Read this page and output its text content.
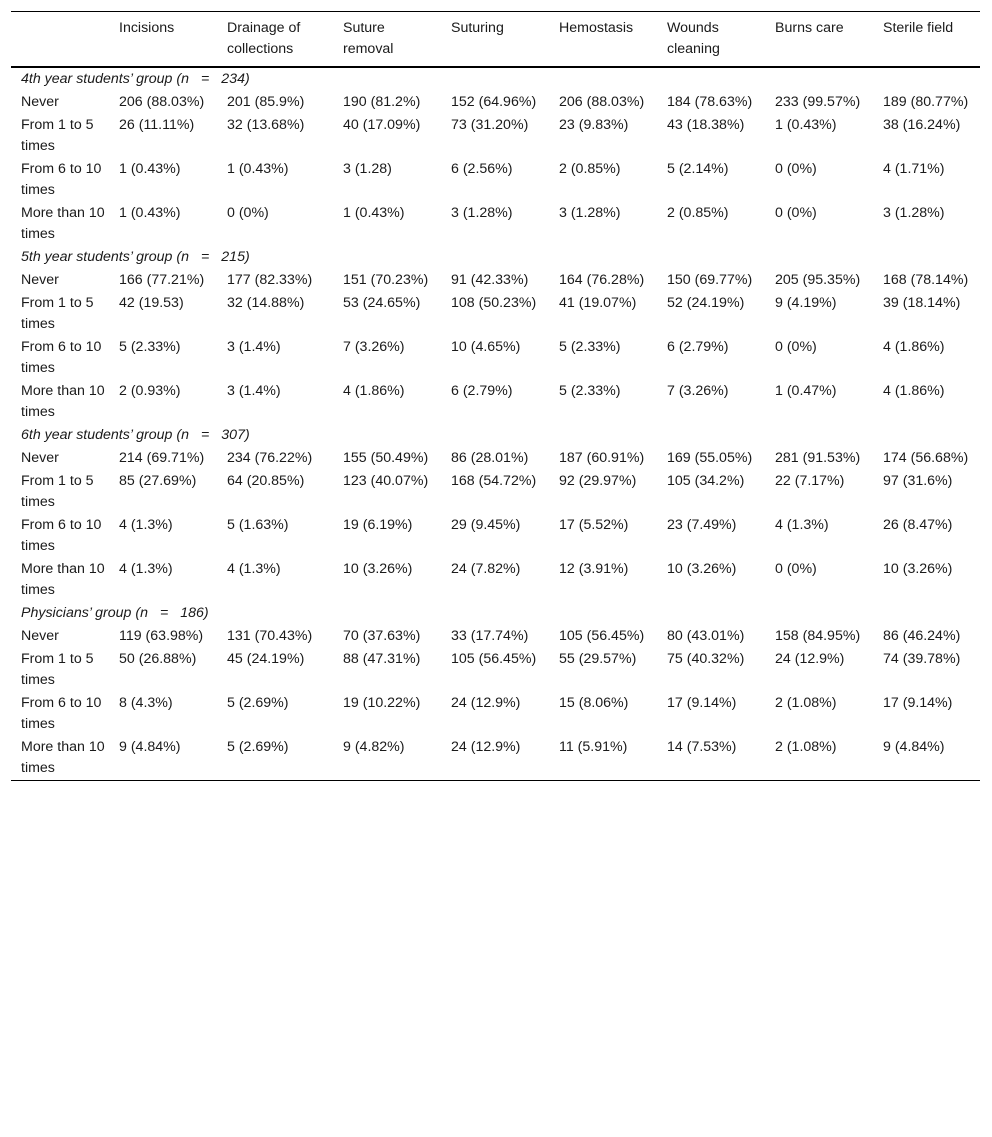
	Incisions	Drainage of collections	Suture removal	Suturing	Hemostasis	Wounds cleaning	Burns care	Sterile field
4th year students’ group (n = 234)								
Never	206 (88.03%)	201 (85.9%)	190 (81.2%)	152 (64.96%)	206 (88.03%)	184 (78.63%)	233 (99.57%)	189 (80.77%)
From 1 to 5 times	26 (11.11%)	32 (13.68%)	40 (17.09%)	73 (31.20%)	23 (9.83%)	43 (18.38%)	1 (0.43%)	38 (16.24%)
From 6 to 10 times	1 (0.43%)	1 (0.43%)	3 (1.28)	6 (2.56%)	2 (0.85%)	5 (2.14%)	0 (0%)	4 (1.71%)
More than 10 times	1 (0.43%)	0 (0%)	1 (0.43%)	3 (1.28%)	3 (1.28%)	2 (0.85%)	0 (0%)	3 (1.28%)
5th year students’ group (n = 215)								
Never	166 (77.21%)	177 (82.33%)	151 (70.23%)	91 (42.33%)	164 (76.28%)	150 (69.77%)	205 (95.35%)	168 (78.14%)
From 1 to 5 times	42 (19.53)	32 (14.88%)	53 (24.65%)	108 (50.23%)	41 (19.07%)	52 (24.19%)	9 (4.19%)	39 (18.14%)
From 6 to 10 times	5 (2.33%)	3 (1.4%)	7 (3.26%)	10 (4.65%)	5 (2.33%)	6 (2.79%)	0 (0%)	4 (1.86%)
More than 10 times	2 (0.93%)	3 (1.4%)	4 (1.86%)	6 (2.79%)	5 (2.33%)	7 (3.26%)	1 (0.47%)	4 (1.86%)
6th year students’ group (n = 307)								
Never	214 (69.71%)	234 (76.22%)	155 (50.49%)	86 (28.01%)	187 (60.91%)	169 (55.05%)	281 (91.53%)	174 (56.68%)
From 1 to 5 times	85 (27.69%)	64 (20.85%)	123 (40.07%)	168 (54.72%)	92 (29.97%)	105 (34.2%)	22 (7.17%)	97 (31.6%)
From 6 to 10 times	4 (1.3%)	5 (1.63%)	19 (6.19%)	29 (9.45%)	17 (5.52%)	23 (7.49%)	4 (1.3%)	26 (8.47%)
More than 10 times	4 (1.3%)	4 (1.3%)	10 (3.26%)	24 (7.82%)	12 (3.91%)	10 (3.26%)	0 (0%)	10 (3.26%)
Physicians’ group (n = 186)								
Never	119 (63.98%)	131 (70.43%)	70 (37.63%)	33 (17.74%)	105 (56.45%)	80 (43.01%)	158 (84.95%)	86 (46.24%)
From 1 to 5 times	50 (26.88%)	45 (24.19%)	88 (47.31%)	105 (56.45%)	55 (29.57%)	75 (40.32%)	24 (12.9%)	74 (39.78%)
From 6 to 10 times	8 (4.3%)	5 (2.69%)	19 (10.22%)	24 (12.9%)	15 (8.06%)	17 (9.14%)	2 (1.08%)	17 (9.14%)
More than 10 times	9 (4.84%)	5 (2.69%)	9 (4.82%)	24 (12.9%)	11 (5.91%)	14 (7.53%)	2 (1.08%)	9 (4.84%)
